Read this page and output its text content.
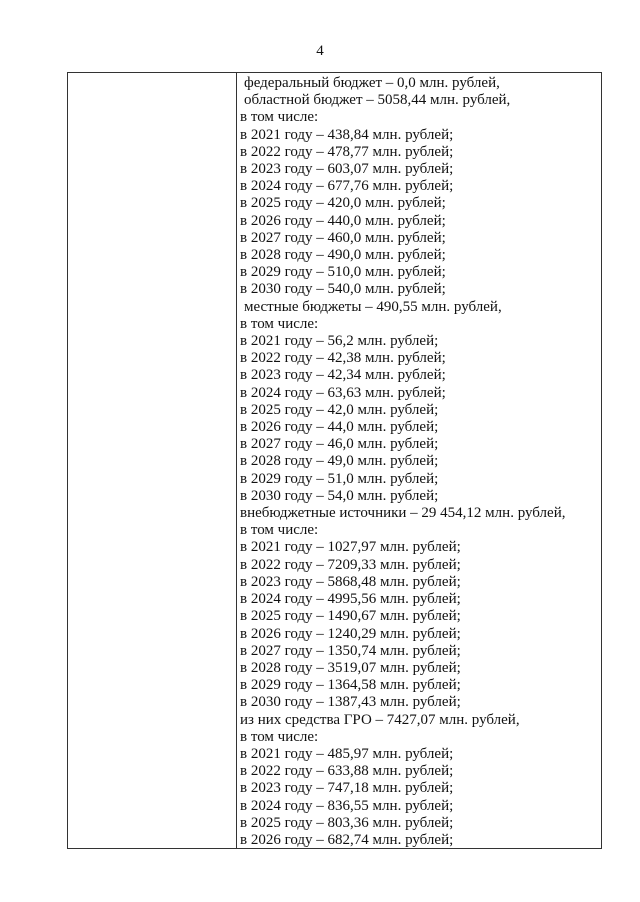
4
федеральный бюджет – 0,0 млн. рублей,
областной бюджет – 5058,44 млн. рублей,
в том числе:
в 2021 году – 438,84 млн. рублей;
в 2022 году – 478,77 млн. рублей;
в 2023 году – 603,07 млн. рублей;
в 2024 году – 677,76 млн. рублей;
в 2025 году – 420,0 млн. рублей;
в 2026 году – 440,0 млн. рублей;
в 2027 году – 460,0 млн. рублей;
в 2028 году – 490,0 млн. рублей;
в 2029 году – 510,0 млн. рублей;
в 2030 году – 540,0 млн. рублей;
местные бюджеты – 490,55 млн. рублей,
в том числе:
в 2021 году – 56,2 млн. рублей;
в 2022 году – 42,38 млн. рублей;
в 2023 году – 42,34 млн. рублей;
в 2024 году – 63,63 млн. рублей;
в 2025 году – 42,0 млн. рублей;
в 2026 году – 44,0 млн. рублей;
в 2027 году – 46,0 млн. рублей;
в 2028 году – 49,0 млн. рублей;
в 2029 году – 51,0 млн. рублей;
в 2030 году – 54,0 млн. рублей;
внебюджетные источники – 29 454,12 млн. рублей,
в том числе:
в 2021 году – 1027,97 млн. рублей;
в 2022 году – 7209,33 млн. рублей;
в 2023 году – 5868,48 млн. рублей;
в 2024 году – 4995,56 млн. рублей;
в 2025 году – 1490,67 млн. рублей;
в 2026 году – 1240,29 млн. рублей;
в 2027 году – 1350,74 млн. рублей;
в 2028 году – 3519,07 млн. рублей;
в 2029 году – 1364,58 млн. рублей;
в 2030 году – 1387,43 млн. рублей;
из них средства ГРО – 7427,07 млн. рублей,
в том числе:
в 2021 году – 485,97 млн. рублей;
в 2022 году – 633,88 млн. рублей;
в 2023 году – 747,18 млн. рублей;
в 2024 году – 836,55 млн. рублей;
в 2025 году – 803,36 млн. рублей;
в 2026 году – 682,74 млн. рублей;
